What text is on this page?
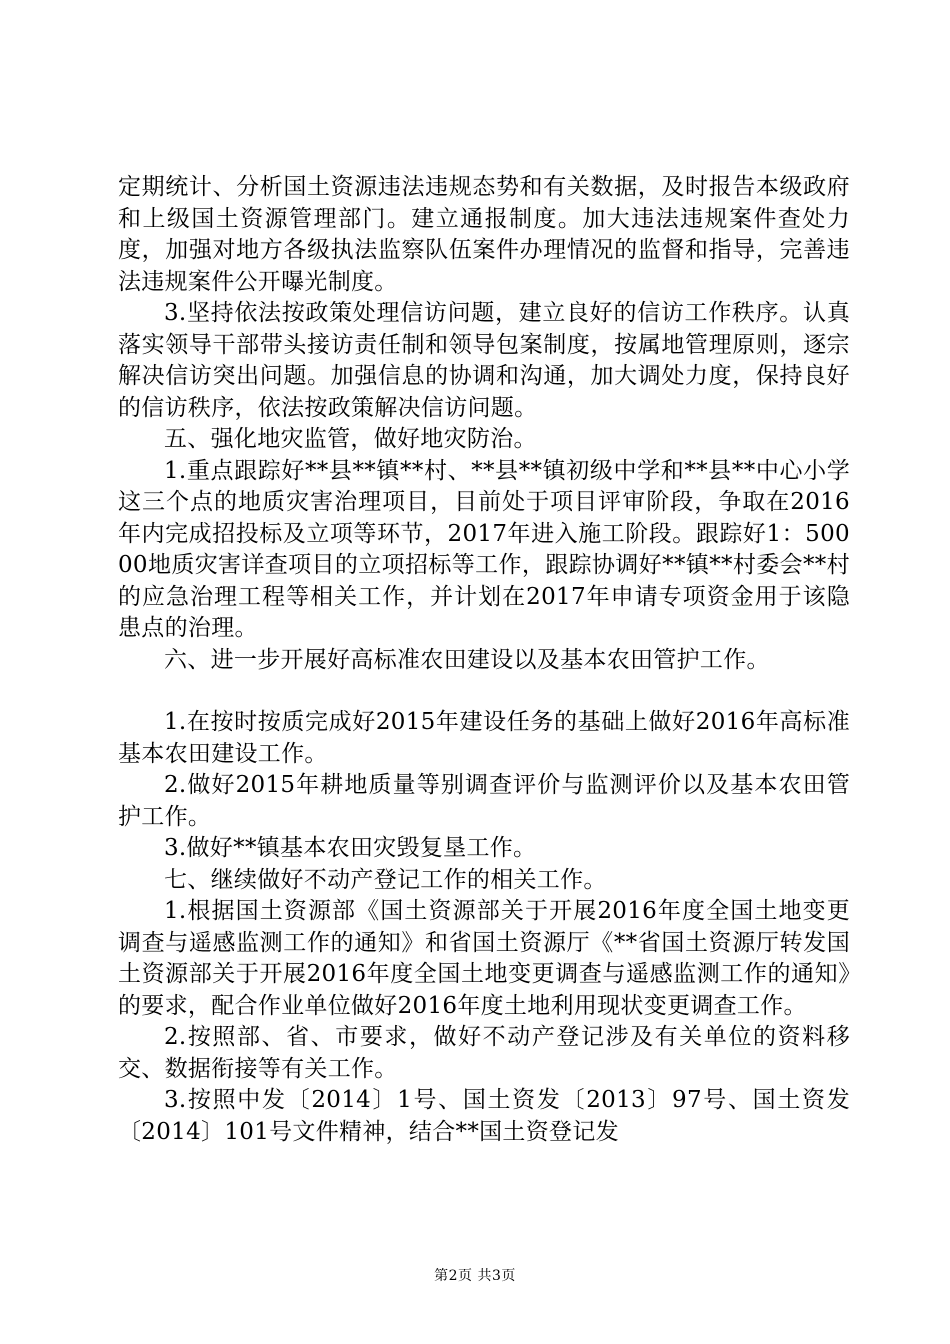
定期统计、分析国土资源违法违规态势和有关数据，及时报告本级政府和上级国土资源管理部门。建立通报制度。加大违法违规案件查处力度，加强对地方各级执法监察队伍案件办理情况的监督和指导，完善违法违规案件公开曝光制度。

3.坚持依法按政策处理信访问题，建立良好的信访工作秩序。认真落实领导干部带头接访责任制和领导包案制度，按属地管理原则，逐宗解决信访突出问题。加强信息的协调和沟通，加大调处力度，保持良好的信访秩序，依法按政策解决信访问题。

五、强化地灾监管，做好地灾防治。

1.重点跟踪好**县**镇**村、**县**镇初级中学和**县**中心小学这三个点的地质灾害治理项目，目前处于项目评审阶段，争取在2016年内完成招投标及立项等环节，2017年进入施工阶段。跟踪好1：50000地质灾害详查项目的立项招标等工作，跟踪协调好**镇**村委会**村的应急治理工程等相关工作，并计划在2017年申请专项资金用于该隐患点的治理。

六、进一步开展好高标准农田建设以及基本农田管护工作。

1.在按时按质完成好2015年建设任务的基础上做好2016年高标准基本农田建设工作。

2.做好2015年耕地质量等别调查评价与监测评价以及基本农田管护工作。

3.做好**镇基本农田灾毁复垦工作。

七、继续做好不动产登记工作的相关工作。

1.根据国土资源部《国土资源部关于开展2016年度全国土地变更调查与遥感监测工作的通知》和省国土资源厅《**省国土资源厅转发国土资源部关于开展2016年度全国土地变更调查与遥感监测工作的通知》的要求，配合作业单位做好2016年度土地利用现状变更调查工作。

2.按照部、省、市要求，做好不动产登记涉及有关单位的资料移交、数据衔接等有关工作。

3.按照中发〔2014〕1号、国土资发〔2013〕97号、国土资发〔2014〕101号文件精神，结合**国土资登记发

第2页 共3页
